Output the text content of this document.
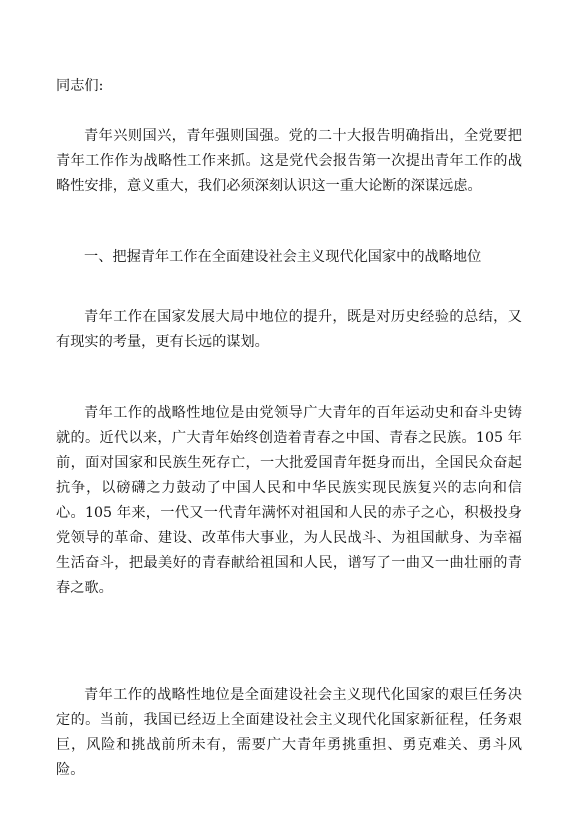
同志们:

青年兴则国兴，青年强则国强。党的二十大报告明确指出，全党要把青年工作作为战略性工作来抓。这是党代会报告第一次提出青年工作的战略性安排，意义重大，我们必须深刻认识这一重大论断的深谋远虑。

一、把握青年工作在全面建设社会主义现代化国家中的战略地位

青年工作在国家发展大局中地位的提升，既是对历史经验的总结，又有现实的考量，更有长远的谋划。

青年工作的战略性地位是由党领导广大青年的百年运动史和奋斗史铸就的。近代以来，广大青年始终创造着青春之中国、青春之民族。105 年前，面对国家和民族生死存亡，一大批爱国青年挺身而出，全国民众奋起抗争，以磅礴之力鼓动了中国人民和中华民族实现民族复兴的志向和信心。105 年来，一代又一代青年满怀对祖国和人民的赤子之心，积极投身党领导的革命、建设、改革伟大事业，为人民战斗、为祖国献身、为幸福生活奋斗，把最美好的青春献给祖国和人民，谱写了一曲又一曲壮丽的青春之歌。

青年工作的战略性地位是全面建设社会主义现代化国家的艰巨任务决定的。当前，我国已经迈上全面建设社会主义现代化国家新征程，任务艰巨，风险和挑战前所未有，需要广大青年勇挑重担、勇克难关、勇斗风险。
